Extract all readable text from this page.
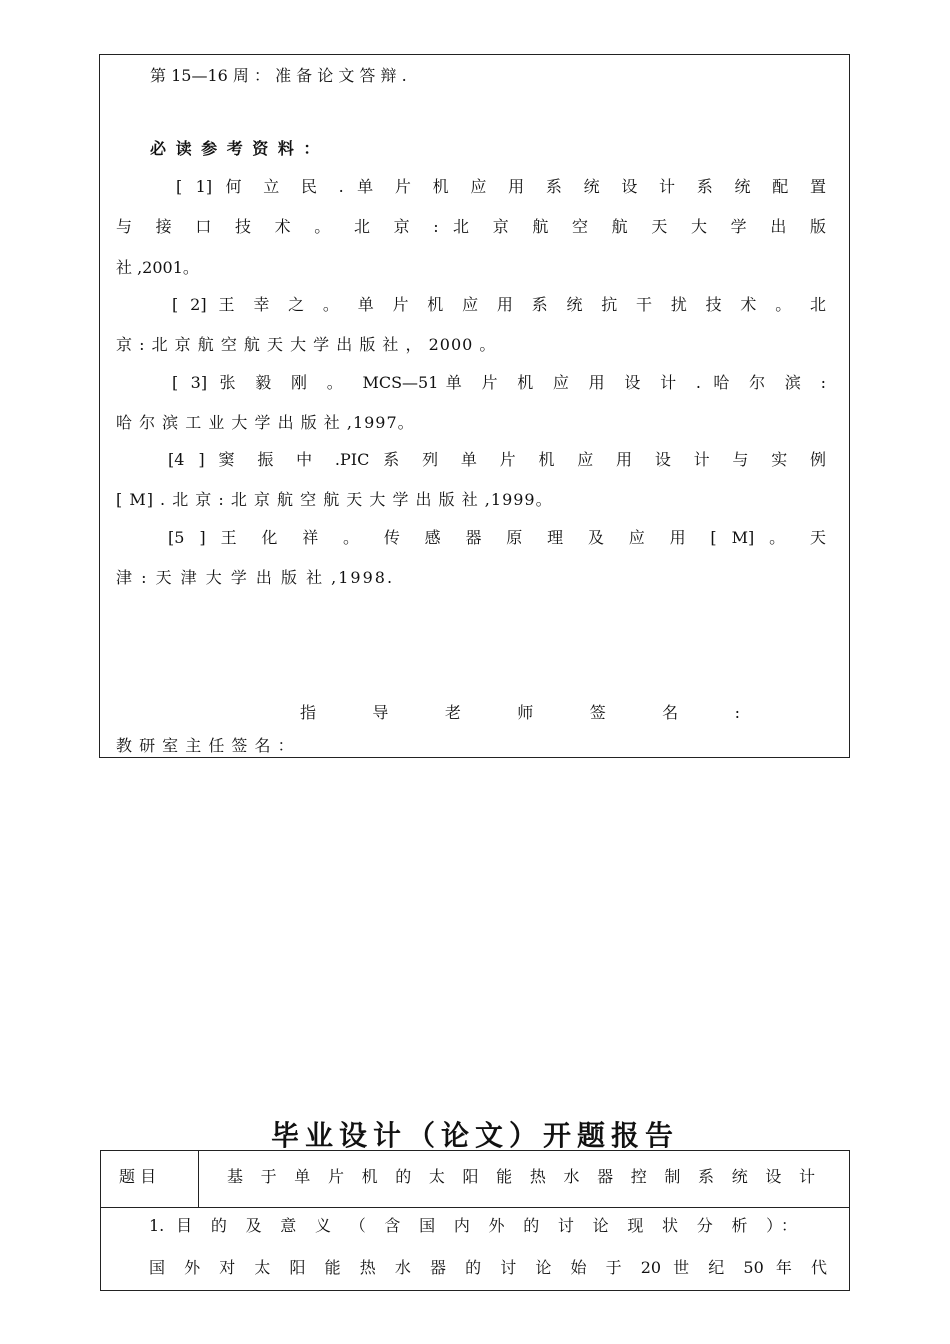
第 15—16 周 ： 准 备 论 文 答 辩 .
必 读 参 考 资 料 ：
[ 1] 何 立 民 . 单 片 机 应 用 系 统 设 计 系 统 配 置
与 接 口 技 术 。 北 京 : 北 京 航 空 航 天 大 学 出 版
社 ,2001。
[ 2] 王 幸 之 。 单 片 机 应 用 系 统 抗 干 扰 技 术 。 北
京 : 北 京 航 空 航 天 大 学 出 版 社 ， 2000 。
[ 3] 张 毅 刚 。 MCS—51单 片 机 应 用 设 计 . 哈 尔 滨 :
哈 尔 滨 工 业 大 学 出 版 社 ,1997。
[4 ] 窦 振 中 .PIC 系 列 单 片 机 应 用 设 计 与 实 例
[ M] . 北 京 : 北 京 航 空 航 天 大 学 出 版 社 ,1999。
[5 ] 王 化 祥 。 传 感 器 原 理 及 应 用 [ M] 。 天
津 : 天 津 大 学 出 版 社 ,1998.
指 导 老 师 签 名 :
教 研 室 主 任 签 名 ：
毕业设计（论文）开题报告
题 目	基 于 单 片 机 的 太 阳 能 热 水 器 控 制 系 统 设 计
1. 目 的 及 意 义 （ 含 国 内 外 的 讨 论 现 状 分 析 ）：
国 外 对 太 阳 能 热 水 器 的 讨 论 始 于 20 世 纪 50 年 代
